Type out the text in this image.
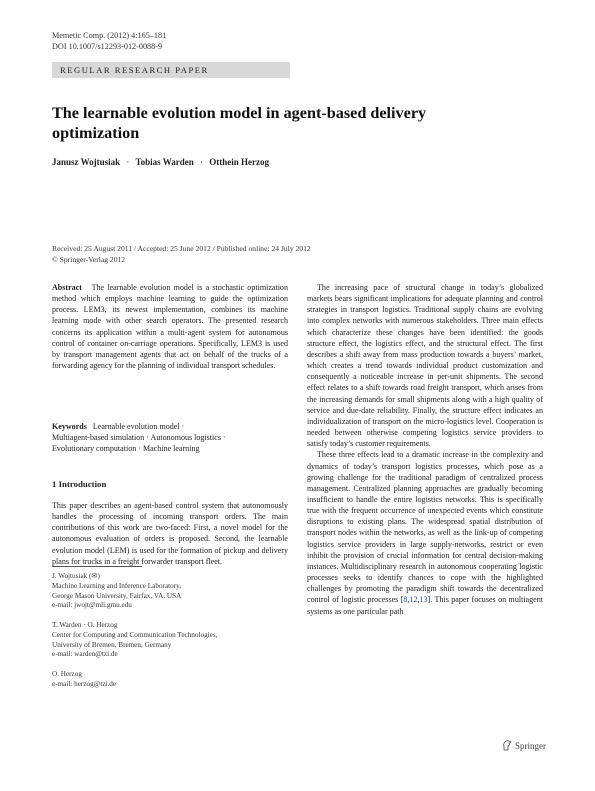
Memetic Comp. (2012) 4:165–181
DOI 10.1007/s12293-012-0088-9
REGULAR RESEARCH PAPER
The learnable evolution model in agent-based delivery optimization
Janusz Wojtusiak · Tobias Warden · Otthein Herzog
Received: 25 August 2011 / Accepted: 25 June 2012 / Published online: 24 July 2012
© Springer-Verlag 2012

Abstract The learnable evolution model is a stochastic optimization method which employs machine learning to guide the optimization process. LEM3, its newest implementation, combines its machine learning mode with other search operators. The presented research concerns its application within a multi-agent system for autonomous control of container on-carriage operations. Specifically, LEM3 is used by transport management agents that act on behalf of the trucks of a forwarding agency for the planning of individual transport schedules.

Keywords Learnable evolution model ·
Multiagent-based simulation · Autonomous logistics ·
Evolutionary computation · Machine learning
1 Introduction

This paper describes an agent-based control system that autonomously handles the processing of incoming transport orders. The main contributions of this work are two-faced: First, a novel model for the autonomous evaluation of orders is proposed. Second, the learnable evolution model (LEM) is used for the formation of pickup and delivery plans for trucks in a freight forwarder transport fleet.

J. Wojtusiak (✉)
Machine Learning and Inference Laboratory,
George Mason University, Fairfax, VA, USA
e-mail: jwojt@mli.gmu.edu
T. Warden · O. Herzog
Center for Computing and Communication Technologies,
University of Bremen, Bremen, Germany
e-mail: warden@tzi.de
O. Herzog
e-mail: herzog@tzi.de

The increasing pace of structural change in today’s globalized markets bears significant implications for adequate planning and control strategies in transport logistics. Traditional supply chains are evolving into complex networks with numerous stakeholders. Three main effects which characterize these changes have been identified: the goods structure effect, the logistics effect, and the structural effect. The first describes a shift away from mass production towards a buyers’ market, which creates a trend towards individual product customization and consequently a noticeable increase in per-unit shipments. The second effect relates to a shift towards road freight transport, which arises from the increasing demands for small shipments along with a high quality of service and due-date reliability. Finally, the structure effect indicates an individualization of transport on the micro-logistics level. Cooperation is needed between otherwise competing logistics service providers to satisfy today’s customer requirements.

These three effects lead to a dramatic increase in the complexity and dynamics of today’s transport logistics processes, which pose as a growing challenge for the traditional paradigm of centralized process management. Centralized planning approaches are gradually becoming insufficient to handle the entire logistics networks. This is specifically true with the frequent occurrence of unexpected events which constitute disruptions to existing plans. The widespread spatial distribution of transport nodes within the networks, as well as the link-up of competing logistics service providers in large supply-networks, restrict or even inhibit the provision of crucial information for central decision-making instances. Multidisciplinary research in autonomous cooperating logistic processes seeks to identify chances to cope with the highlighted challenges by promoting the paradigm shift towards the decentralized control of logistic processes [8,12,13]. This paper focuses on multiagent systems as one particular path

Springer
